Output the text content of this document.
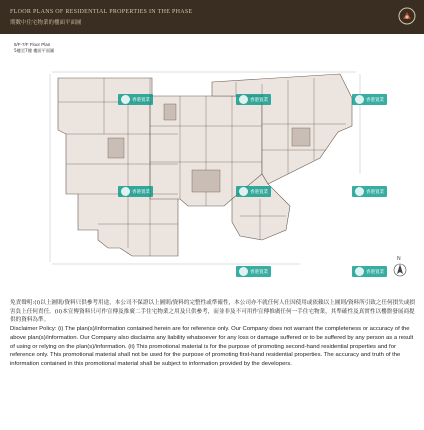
FLOOR PLANS OF RESIDENTIAL PROPERTIES IN THE PHASE
期數中住宅物業的樓面平面圖
5/F-7/F Floor Plan
5樓至7樓 樓面平面圖
N
香港置業	香港置業	香港置業
香港置業	香港置業	香港置業
香港置業	香港置業

免責聲明:(i)以上圖則/資料只供參考用途，本公司不保證以上圖則/資料的完整性或準確性，本公司亦不就任何人仕因使用或依賴以上圖則/資料所引致之任何損失或損害負上任何責任。(ii)本宣傳資料只可作宣傳及推廣二手住宅物業之用及只供參考，而並非及不可用作宣傳推廣任何一手住宅物業，其準確性及真實性以樓盤發展商提供的資料為準。

Disclaimer Policy: (i) The plan(s)/information contained herein are for reference only. Our Company does not warrant the completeness or accuracy of the above plan(s)/information. Our Company also disclaims any liability whatsoever for any loss or damage suffered or to be suffered by any person as a result of using or relying on the plan(s)/information. (ii) This promotional material is for the purpose of promoting second-hand residential properties and for reference only. This promotional material shall not be used for the purpose of promoting first-hand residential properties. The accuracy and truth of the information contained in this promotional material shall be subject to information provided by the developers.
